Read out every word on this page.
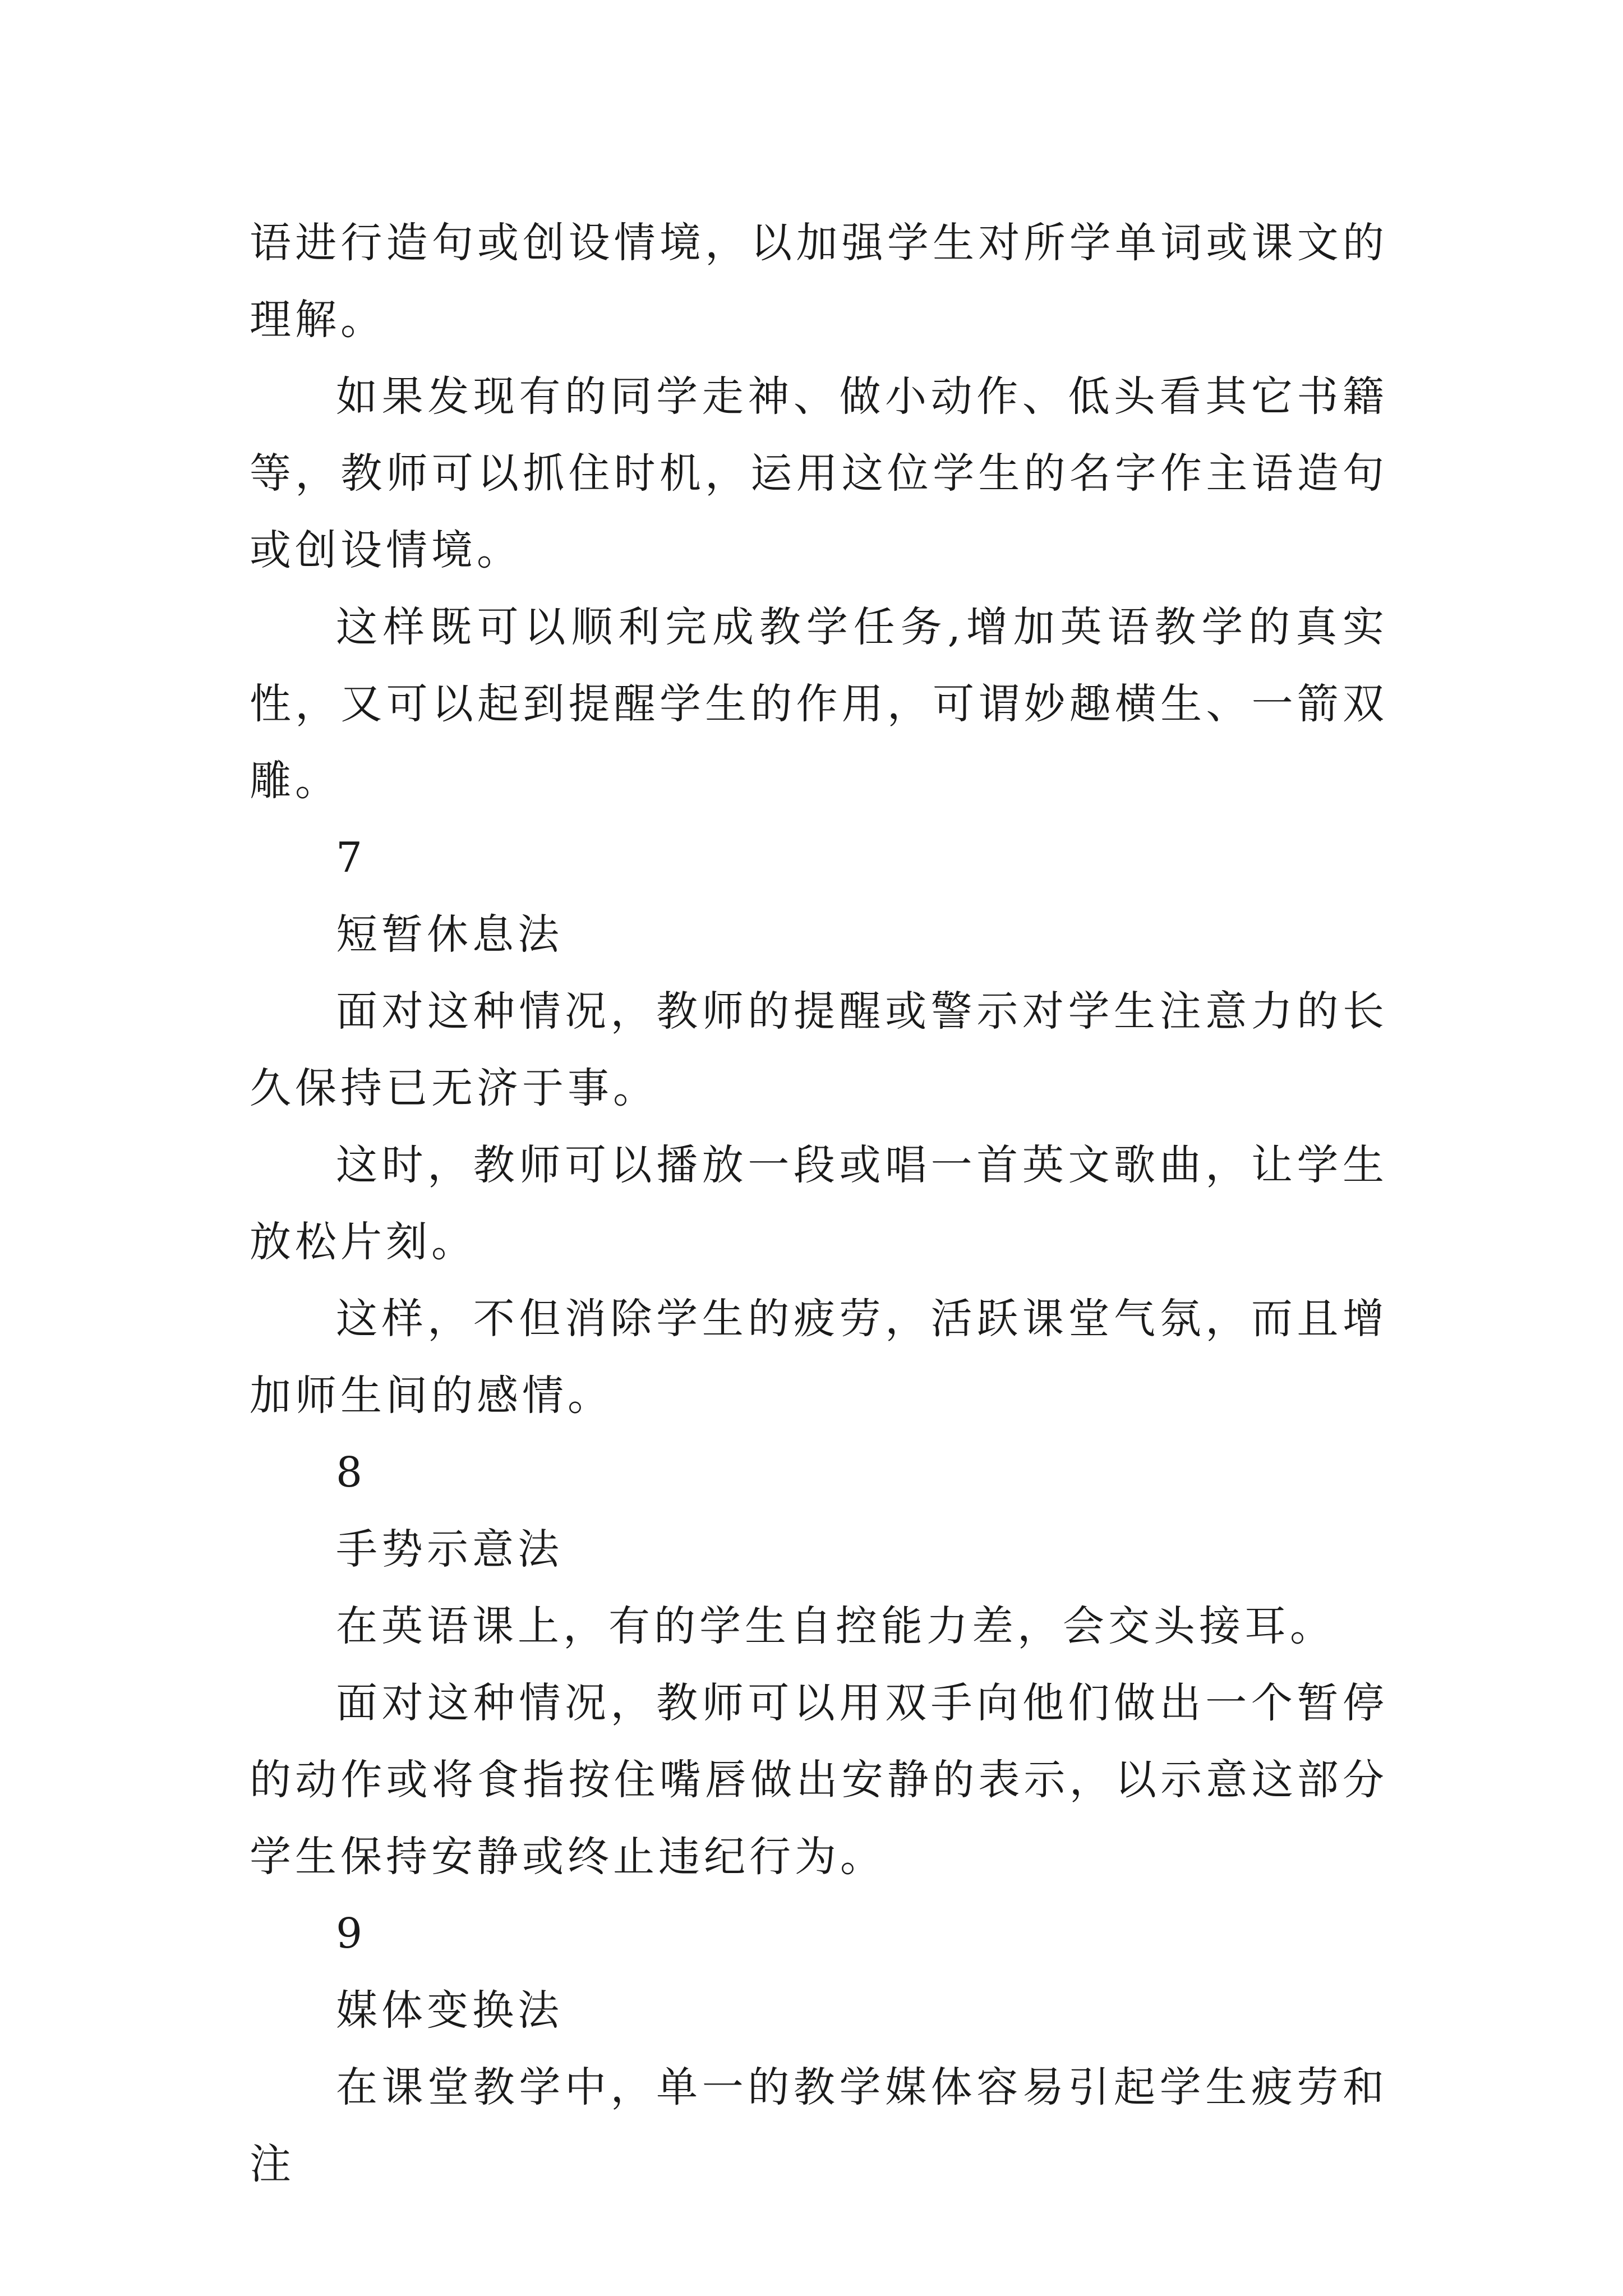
语进行造句或创设情境，以加强学生对所学单词或课文的理解。

如果发现有的同学走神、做小动作、低头看其它书籍等，教师可以抓住时机，运用这位学生的名字作主语造句或创设情境。

这样既可以顺利完成教学任务,增加英语教学的真实性，又可以起到提醒学生的作用，可谓妙趣横生、一箭双雕。

7

短暂休息法

面对这种情况，教师的提醒或警示对学生注意力的长久保持已无济于事。

这时，教师可以播放一段或唱一首英文歌曲，让学生放松片刻。

这样，不但消除学生的疲劳，活跃课堂气氛，而且增加师生间的感情。

8

手势示意法

在英语课上，有的学生自控能力差，会交头接耳。

面对这种情况，教师可以用双手向他们做出一个暂停的动作或将食指按住嘴唇做出安静的表示，以示意这部分学生保持安静或终止违纪行为。

9

媒体变换法

在课堂教学中，单一的教学媒体容易引起学生疲劳和注
